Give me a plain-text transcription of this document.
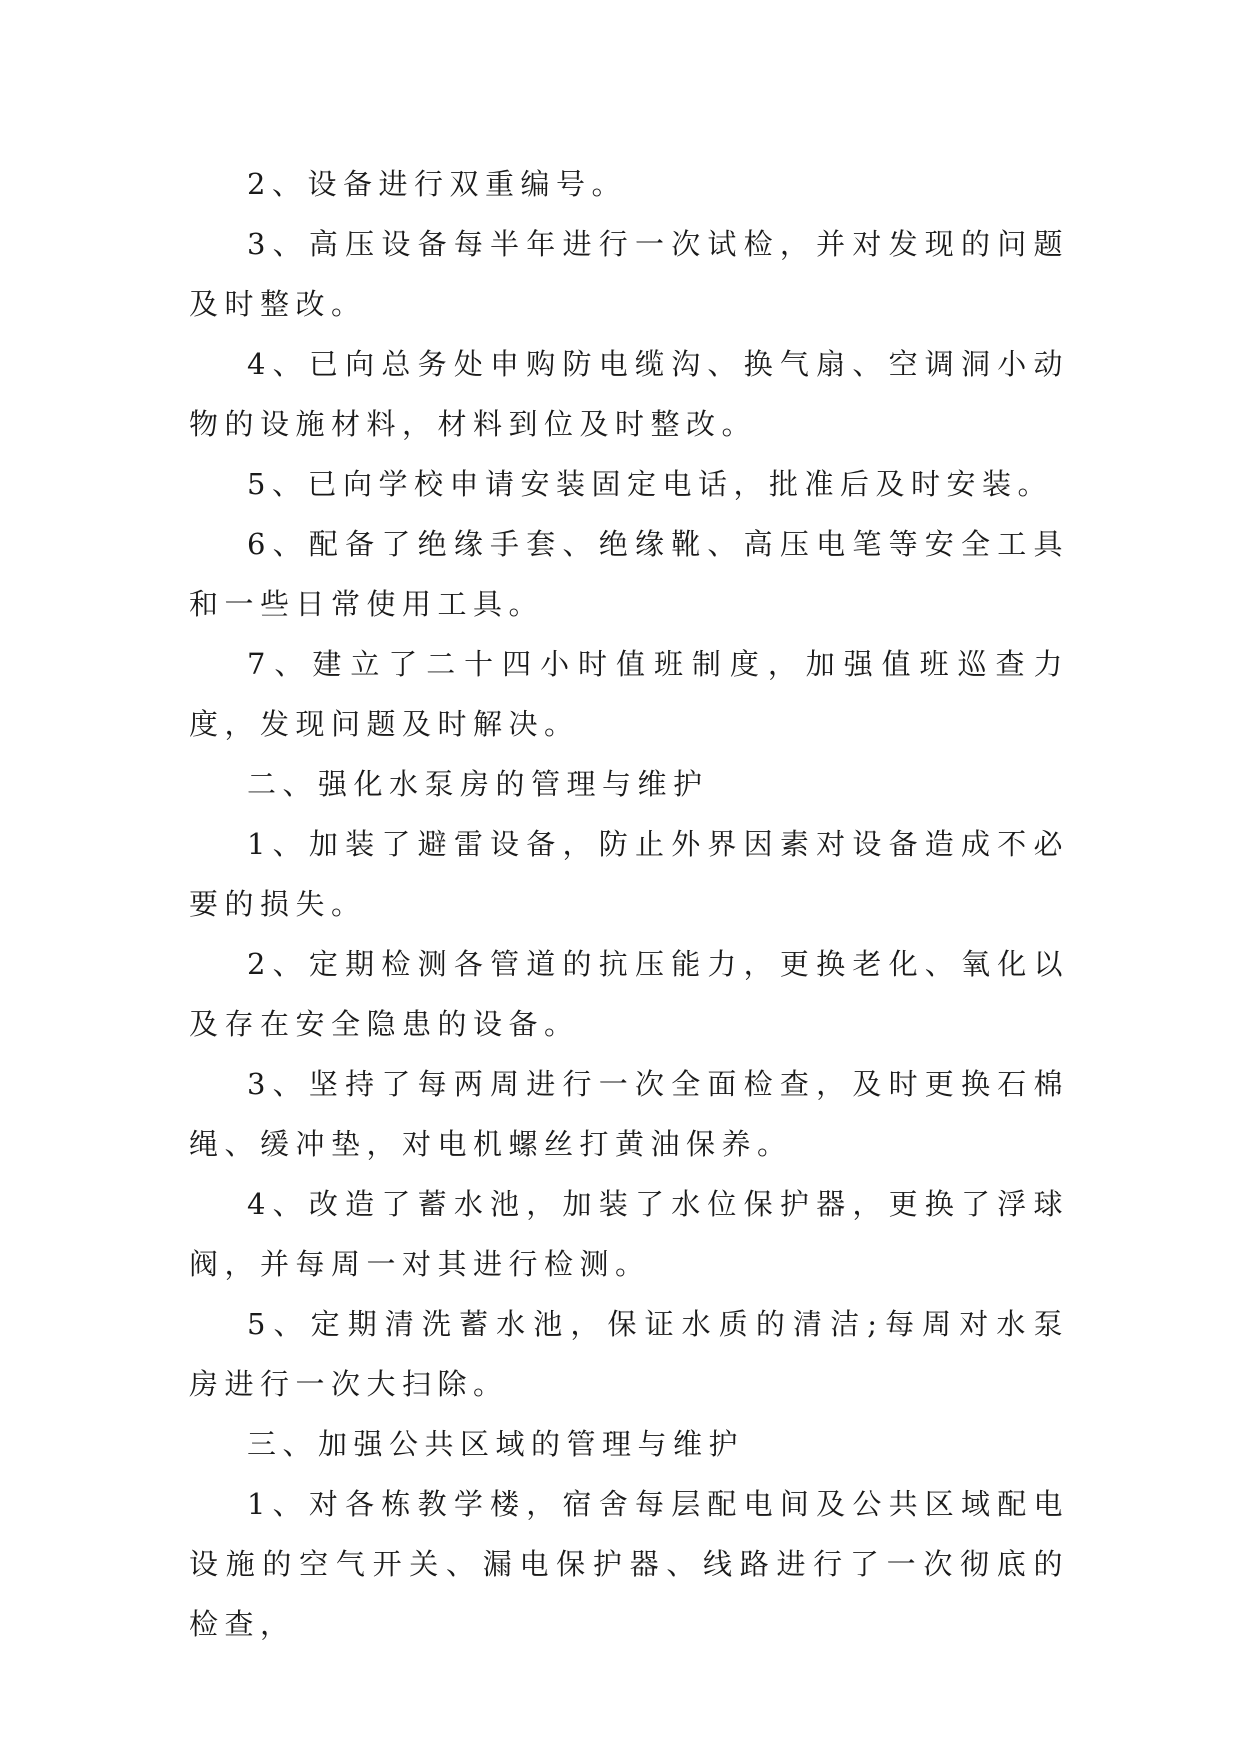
2、设备进行双重编号。

3、高压设备每半年进行一次试检，并对发现的问题及时整改。

4、已向总务处申购防电缆沟、换气扇、空调洞小动物的设施材料，材料到位及时整改。

5、已向学校申请安装固定电话，批准后及时安装。

6、配备了绝缘手套、绝缘靴、高压电笔等安全工具和一些日常使用工具。

7、建立了二十四小时值班制度，加强值班巡查力度，发现问题及时解决。

二、强化水泵房的管理与维护

1、加装了避雷设备，防止外界因素对设备造成不必要的损失。

2、定期检测各管道的抗压能力，更换老化、氧化以及存在安全隐患的设备。

3、坚持了每两周进行一次全面检查，及时更换石棉绳、缓冲垫，对电机螺丝打黄油保养。

4、改造了蓄水池，加装了水位保护器，更换了浮球阀，并每周一对其进行检测。

5、定期清洗蓄水池，保证水质的清洁;每周对水泵房进行一次大扫除。

三、加强公共区域的管理与维护

1、对各栋教学楼，宿舍每层配电间及公共区域配电设施的空气开关、漏电保护器、线路进行了一次彻底的检查，
